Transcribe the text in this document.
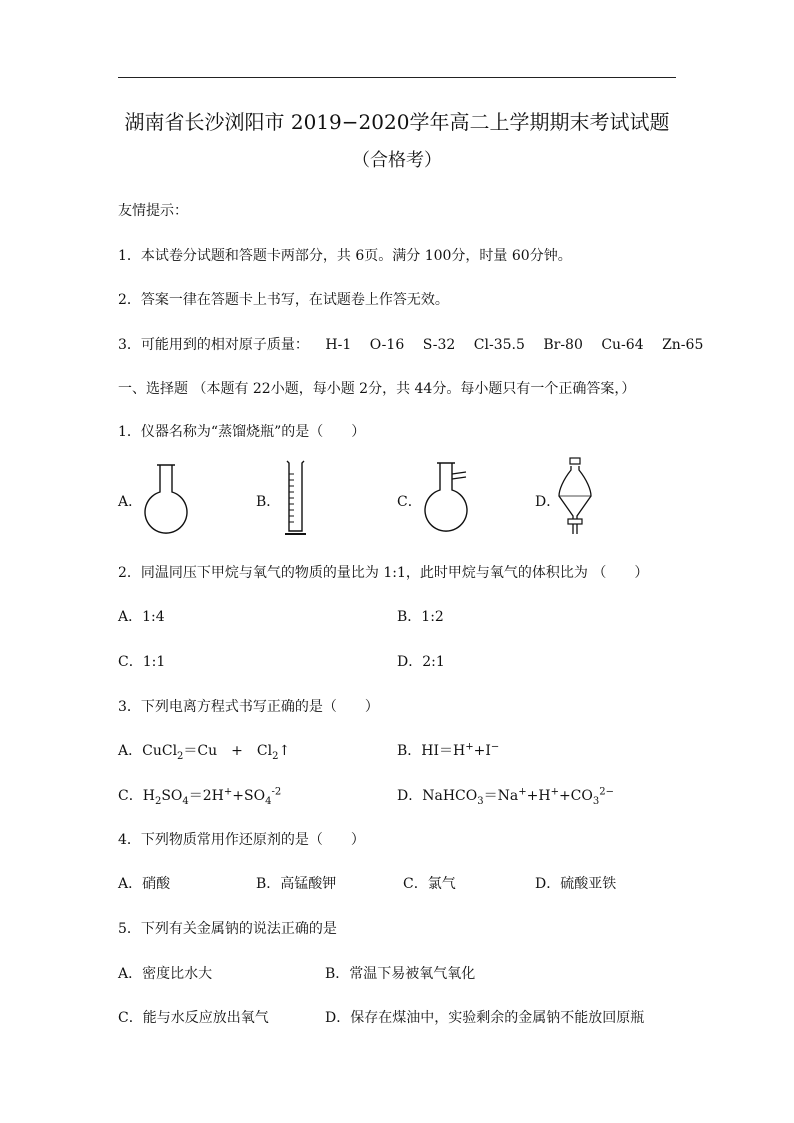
湖南省长沙浏阳市 2019−2020学年高二上学期期末考试试题
（合格考）
友情提示：
1．本试卷分试题和答题卡两部分，共 6页。满分 100分，时量 60分钟。
2．答案一律在答题卡上书写，在试题卷上作答无效。
3．可能用到的相对原子质量： H-1 O-16 S-32 Cl-35.5 Br-80 Cu-64 Zn-65
一、选择题 （本题有 22小题，每小题 2分，共 44分。每小题只有一个正确答案，）
1．仪器名称为“蒸馏烧瓶”的是（　　）
A．	B．	C．	D．
2．同温同压下甲烷与氧气的物质的量比为 1:1，此时甲烷与氧气的体积比为 （　　）
A．1:4	B．1:2
C．1:1	D．2:1
3．下列电离方程式书写正确的是（　　）
A．CuCl$_2$＝Cu　+　$Cl_2↑$	B．HI＝H++I−
C．$H_2SO_4=2H^++SO_4^{-2}$	D．$NaHCO_3=Na^++H^++CO_3^{2-}$
4．下列物质常用作还原剂的是（　　）
A．硝酸	B．高锰酸钾	C．氯气	D．硫酸亚铁
5．下列有关金属钠的说法正确的是
A．密度比水大	B．常温下易被氧气氧化
C．能与水反应放出氧气	D．保存在煤油中，实验剩余的金属钠不能放回原瓶
